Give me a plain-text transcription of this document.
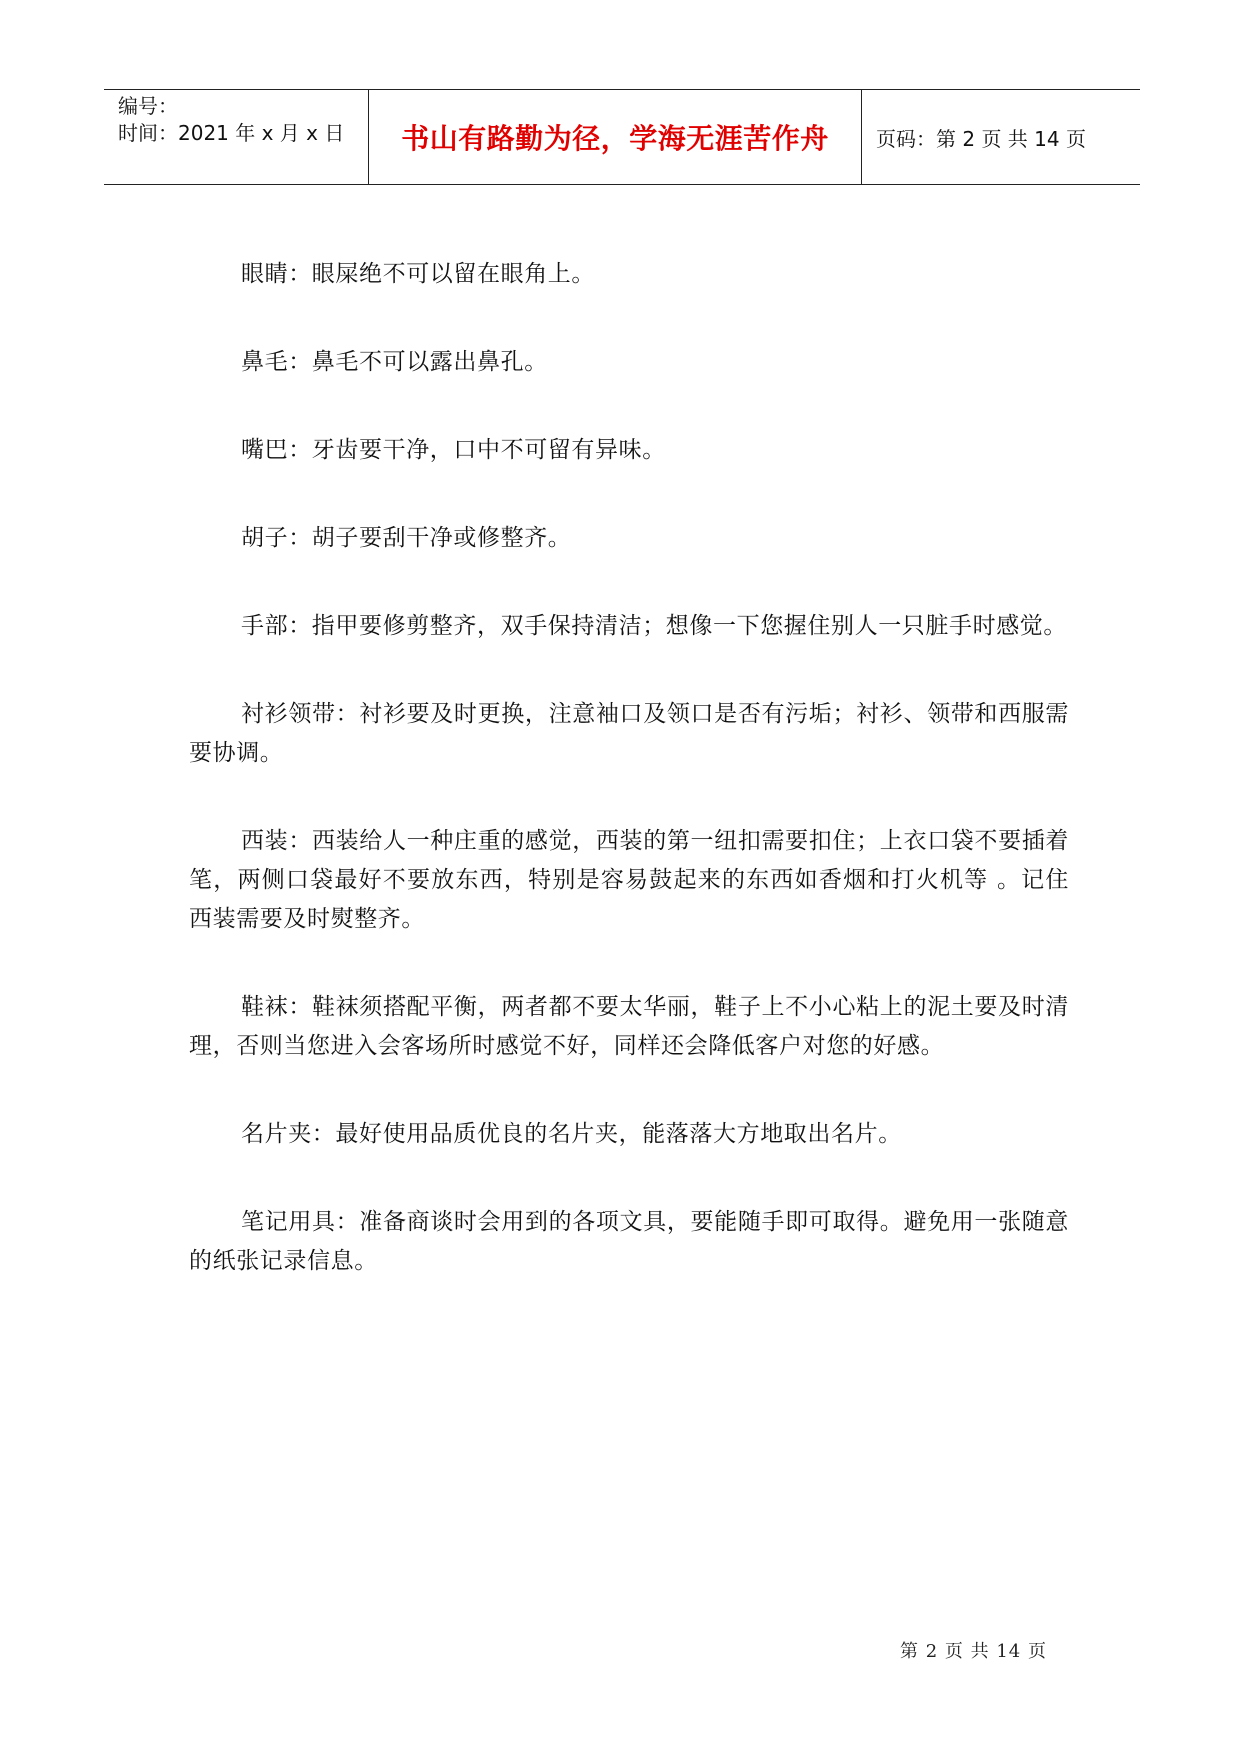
编号：
时间：2021 年 x 月 x 日 书山有路勤为径，学海无涯苦作舟	页码：第 2 页 共 14 页

眼睛：眼屎绝不可以留在眼角上。

鼻毛：鼻毛不可以露出鼻孔。

嘴巴：牙齿要干净，口中不可留有异味。

胡子：胡子要刮干净或修整齐。

手部：指甲要修剪整齐，双手保持清洁；想像一下您握住别人一只脏手时感觉。

衬衫领带：衬衫要及时更换，注意袖口及领口是否有污垢；衬衫、领带和西服需要协调。

西装：西装给人一种庄重的感觉，西装的第一纽扣需要扣住；上衣口袋不要插着笔，两侧口袋最好不要放东西，特别是容易鼓起来的东西如香烟和打火机等 。记住西装需要及时熨整齐。

鞋袜：鞋袜须搭配平衡，两者都不要太华丽，鞋子上不小心粘上的泥土要及时清理，否则当您进入会客场所时感觉不好，同样还会降低客户对您的好感。

名片夹：最好使用品质优良的名片夹，能落落大方地取出名片。

笔记用具：准备商谈时会用到的各项文具，要能随手即可取得。避免用一张随意的纸张记录信息。

第 2 页 共 14 页
